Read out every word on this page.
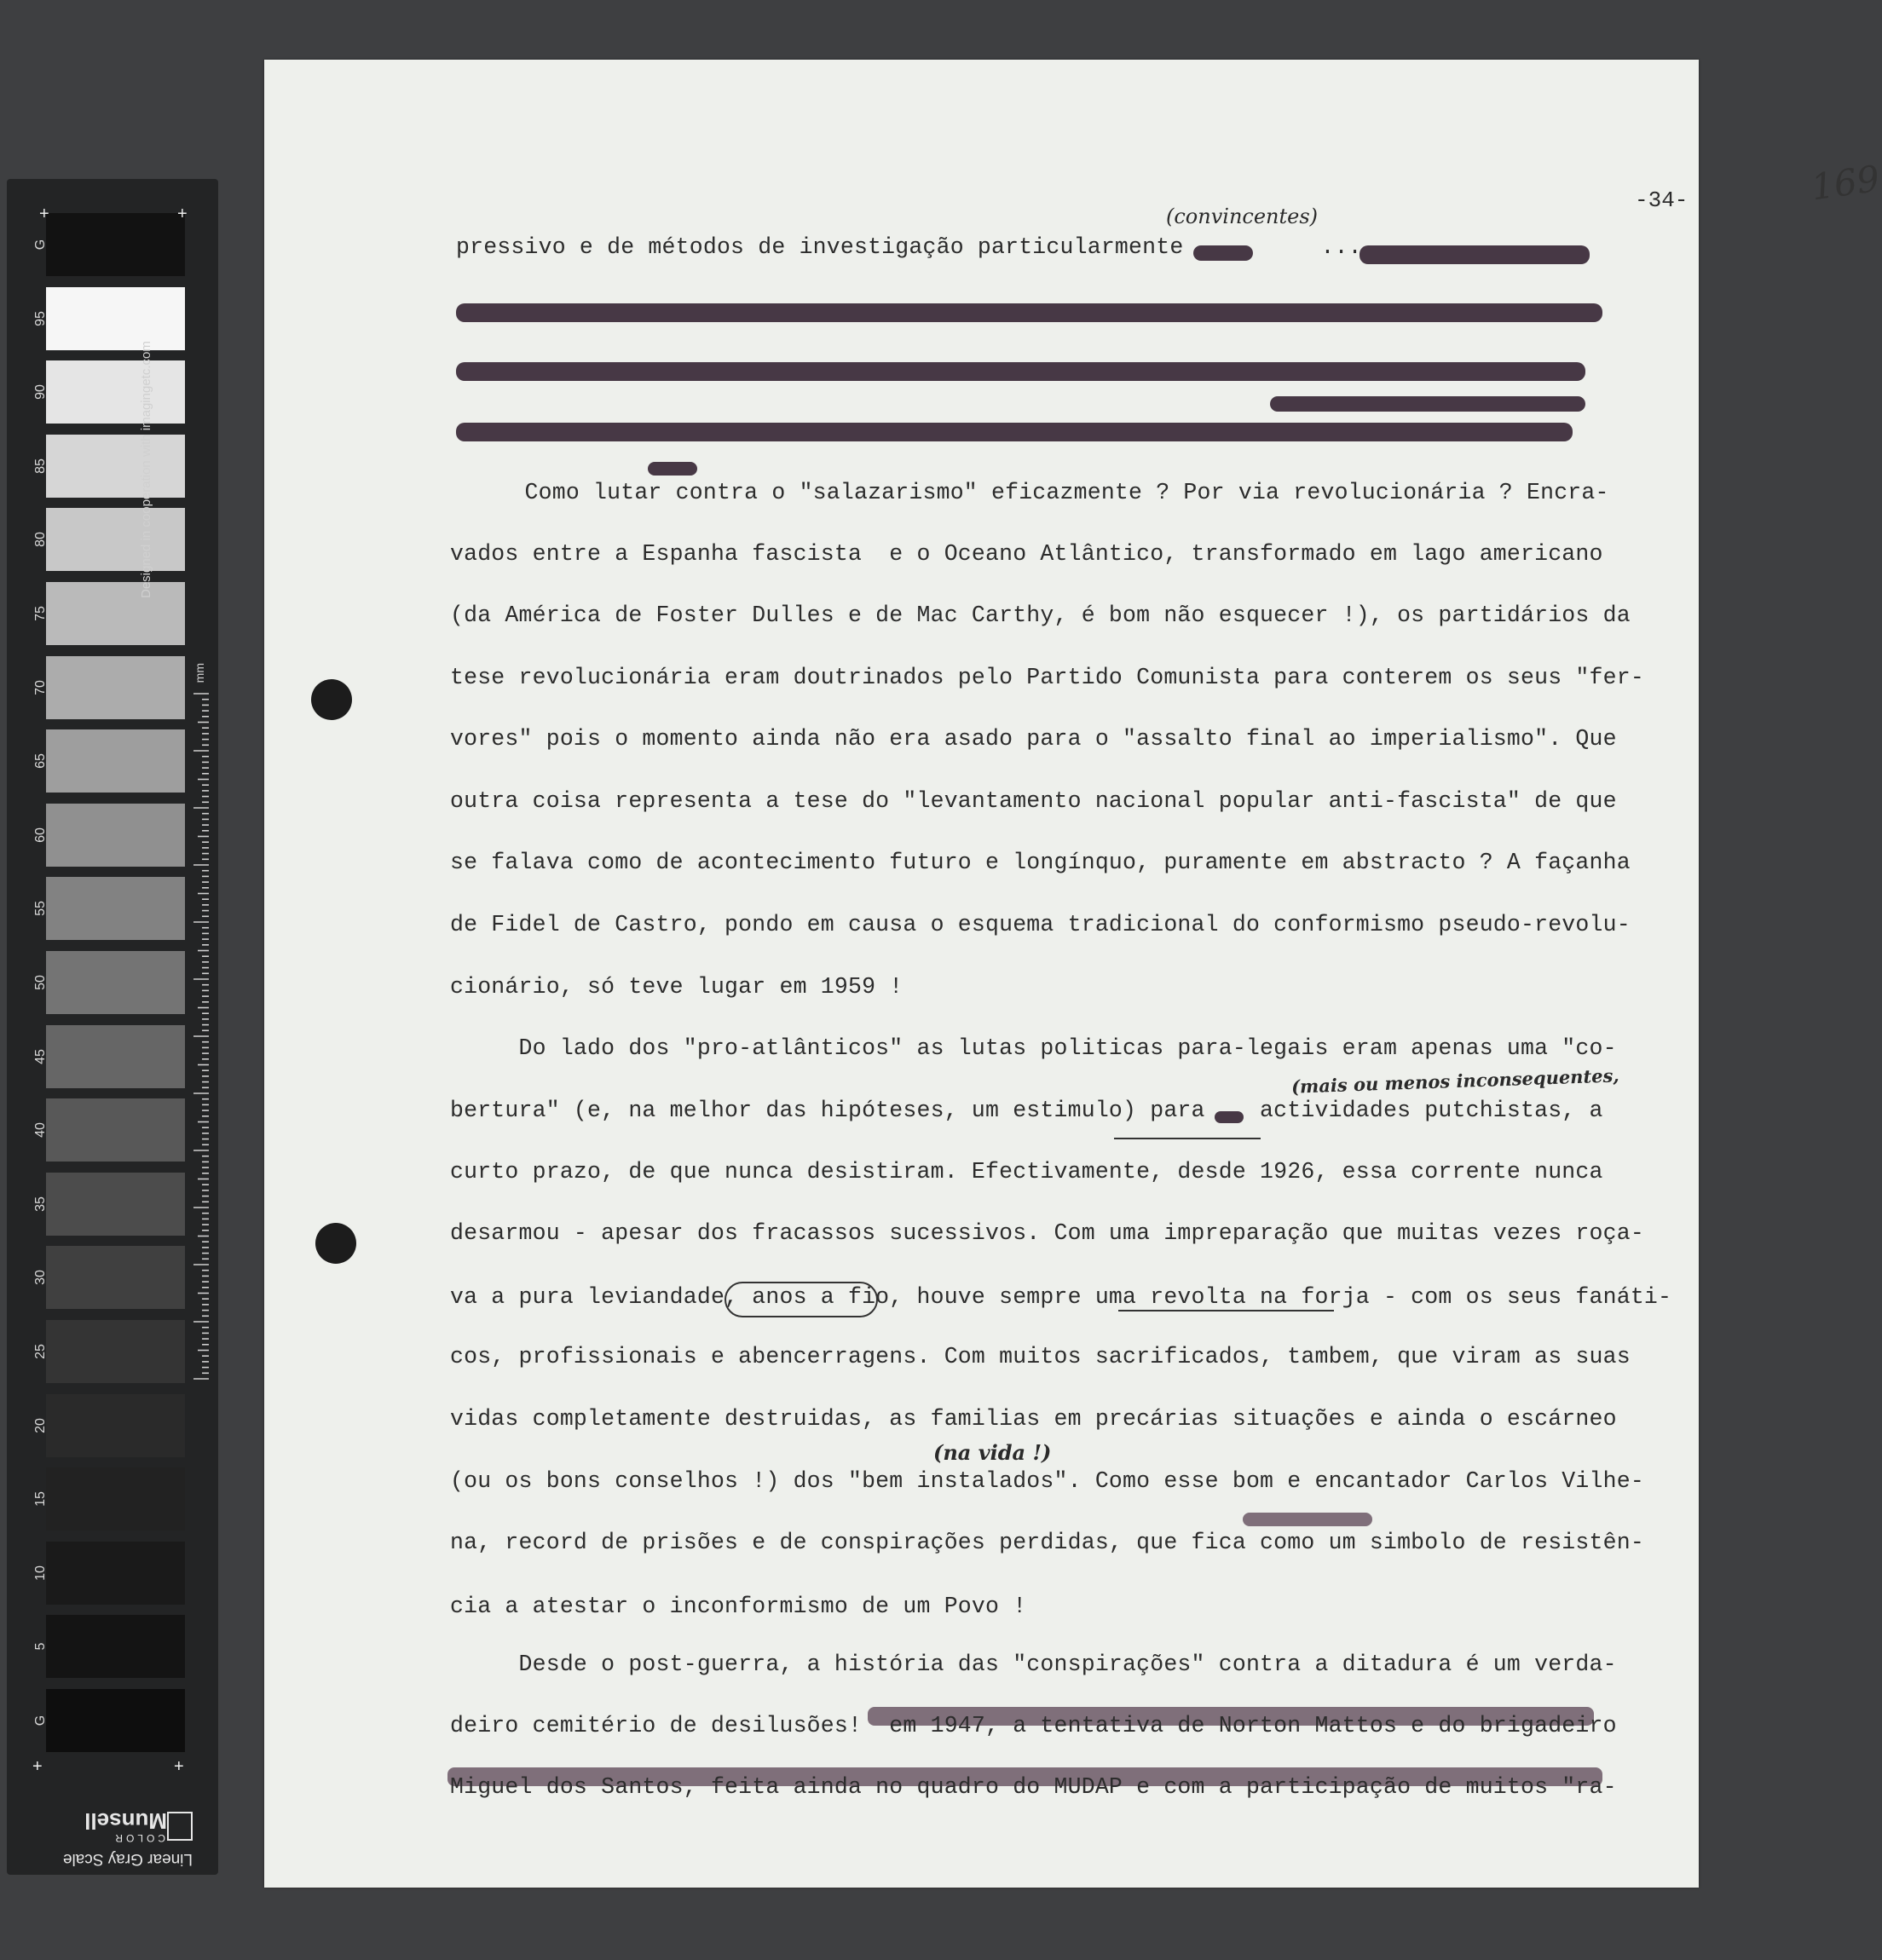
G
95
90
85
80
75
70
65
60
55
50
45
40
35
30
25
20
15
10
5
G
+	+
+	+
Designed in cooperation with imagingetc.com
mm
COLOR
Munsell
Linear Gray Scale
-34-	169
pressivo e de métodos de investigação particularmente          ...
Como lutar contra o "salazarismo" eficazmente ? Por via revolucionária ? Encra-
vados entre a Espanha fascista  e o Oceano Atlântico, transformado em lago americano
(da América de Foster Dulles e de Mac Carthy, é bom não esquecer !), os partidários da
tese revolucionária eram doutrinados pelo Partido Comunista para conterem os seus "fer-
vores" pois o momento ainda não era asado para o "assalto final ao imperialismo". Que
outra coisa representa a tese do "levantamento nacional popular anti-fascista" de que
se falava como de acontecimento futuro e longínquo, puramente em abstracto ? A façanha
de Fidel de Castro, pondo em causa o esquema tradicional do conformismo pseudo-revolu-
cionário, só teve lugar em 1959 !
Do lado dos "pro-atlânticos" as lutas politicas para-legais eram apenas uma "co-
bertura" (e, na melhor das hipóteses, um estimulo) para    actividades putchistas, a
curto prazo, de que nunca desistiram. Efectivamente, desde 1926, essa corrente nunca
desarmou - apesar dos fracassos sucessivos. Com uma impreparação que muitas vezes roça-
va a pura leviandade, anos a fio, houve sempre uma revolta na forja - com os seus fanáti-
cos, profissionais e abencerragens. Com muitos sacrificados, tambem, que viram as suas
vidas completamente destruidas, as familias em precárias situações e ainda o escárneo
(ou os bons conselhos !) dos "bem instalados". Como esse bom e encantador Carlos Vilhe-
na, record de prisões e de conspirações perdidas, que fica como um simbolo de resistên-
cia a atestar o inconformismo de um Povo !
Desde o post-guerra, a história das "conspirações" contra a ditadura é um verda-
deiro cemitério de desilusões!  em 1947, a tentativa de Norton Mattos e do brigadeiro
Miguel dos Santos, feita ainda no quadro do MUDAP e com a participação de muitos "ra-
(convincentes)
(mais ou menos inconsequentes,
(na vida !)
